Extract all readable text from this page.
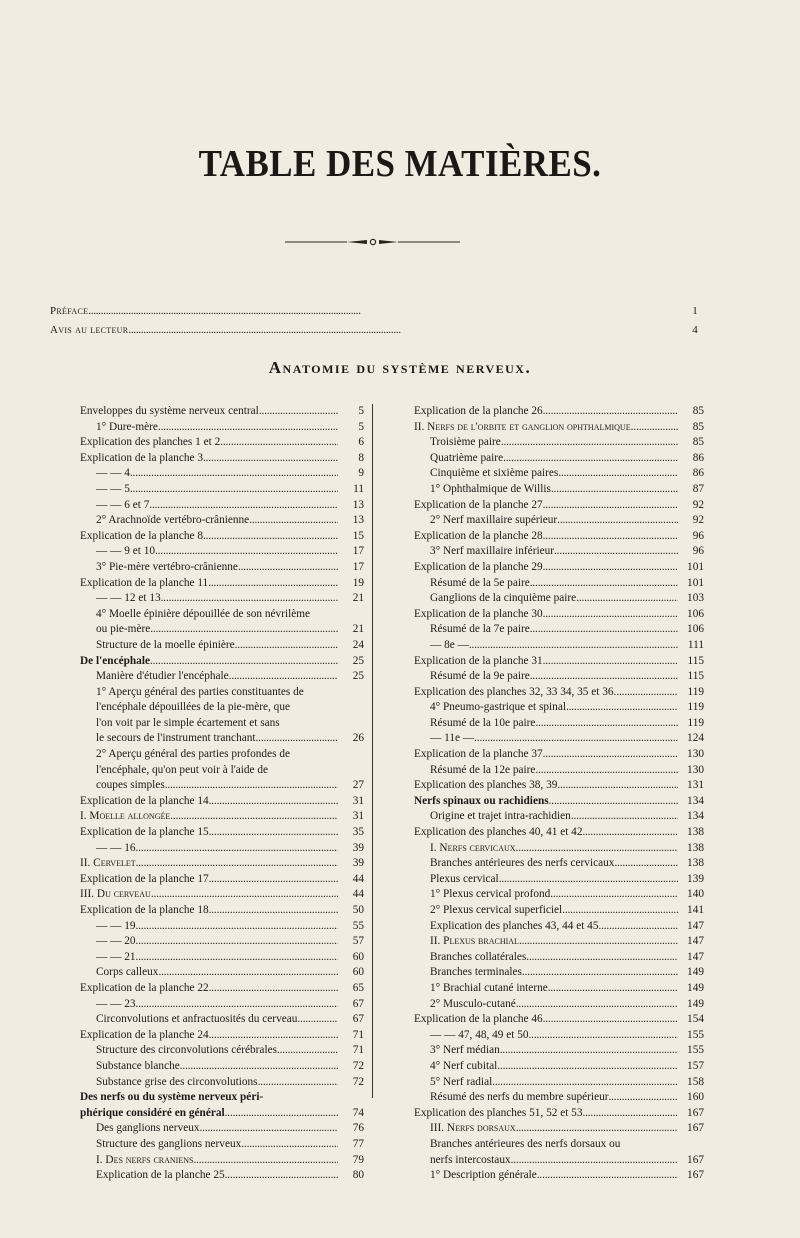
TABLE DES MATIÈRES.
Préface . . .	1
Avis au lecteur . . .	4
Anatomie du système nerveux.
Enveloppes du système nerveux central . . .	5
1° Dure-mère . . .	5
Explication des planches 1 et 2 . . .	6
Explication de la planche 3 . . .	8
— — 4 . . .	9
— — 5 . . .	11
— — 6 et 7 . . .	13
2° Arachnoïde vertébro-crânienne . . .	13
Explication de la planche 8 . . .	15
— — 9 et 10 . . .	17
3° Pie-mère vertébro-crânienne . . .	17
Explication de la planche 11 . . .	19
— — 12 et 13 . . .	21
4° Moelle épinière dépouillée de son névrilème
ou pie-mère . . .	21
Structure de la moelle épinière . . .	24
De l'encéphale . . .	25
Manière d'étudier l'encéphale . . .	25
1° Aperçu général des parties constituantes de
l'encéphale dépouillées de la pie-mère, que
l'on voit par le simple écartement et sans
le secours de l'instrument tranchant . . .	26
2° Aperçu général des parties profondes de
l'encéphale, qu'on peut voir à l'aide de
coupes simples . . .	27
Explication de la planche 14 . . .	31
I. Moelle allongée . . .	31
Explication de la planche 15 . . .	35
— — 16 . . .	39
II. Cervelet . . .	39
Explication de la planche 17 . . .	44
III. Du cerveau . . .	44
Explication de la planche 18 . . .	50
— — 19 . . .	55
— — 20 . . .	57
— — 21 . . .	60
Corps calleux . . .	60
Explication de la planche 22 . . .	65
— — 23 . . .	67
Circonvolutions et anfractuosités du cerveau . . .	67
Explication de la planche 24 . . .	71
Structure des circonvolutions cérébrales . . .	71
Substance blanche . . .	72
Substance grise des circonvolutions . . .	72
Des nerfs ou du système nerveux péri-
phérique considéré en général . . .	74
Des ganglions nerveux . . .	76
Structure des ganglions nerveux . . .	77
I. Des nerfs craniens . . .	79
Explication de la planche 25 . . .	80
Explication de la planche 26 . . .	85
II. Nerfs de l'orbite et ganglion ophthalmique. . . .	85
Troisième paire . . .	85
Quatrième paire . . .	86
Cinquième et sixième paires . . .	86
1° Ophthalmique de Willis . . .	87
Explication de la planche 27 . . .	92
2° Nerf maxillaire supérieur . . .	92
Explication de la planche 28 . . .	96
3° Nerf maxillaire inférieur . . .	96
Explication de la planche 29 . . .	101
Résumé de la 5e paire . . .	101
Ganglions de la cinquième paire . . .	103
Explication de la planche 30 . . .	106
Résumé de la 7e paire . . .	106
— 8e — . . .	111
Explication de la planche 31 . . .	115
Résumé de la 9e paire . . .	115
Explication des planches 32, 33 34, 35 et 36. . . .	119
4° Pneumo-gastrique et spinal . . .	119
Résumé de la 10e paire . . .	119
— 11e — . . .	124
Explication de la planche 37 . . .	130
Résumé de la 12e paire . . .	130
Explication des planches 38, 39 . . .	131
Nerfs spinaux ou rachidiens . . .	134
Origine et trajet intra-rachidien . . .	134
Explication des planches 40, 41 et 42 . . .	138
I. Nerfs cervicaux . . .	138
Branches antérieures des nerfs cervicaux . . .	138
Plexus cervical . . .	139
1° Plexus cervical profond . . .	140
2° Plexus cervical superficiel . . .	141
Explication des planches 43, 44 et 45 . . .	147
II. Plexus brachial . . .	147
Branches collatérales . . .	147
Branches terminales . . .	149
1° Brachial cutané interne . . .	149
2° Musculo-cutané . . .	149
Explication de la planche 46 . . .	154
— — 47, 48, 49 et 50 . . .	155
3° Nerf médian . . .	155
4° Nerf cubital . . .	157
5° Nerf radial . . .	158
Résumé des nerfs du membre supérieur . . .	160
Explication des planches 51, 52 et 53 . . .	167
III. Nerfs dorsaux . . .	167
Branches antérieures des nerfs dorsaux ou
nerfs intercostaux . . .	167
1° Description générale . . .	167
